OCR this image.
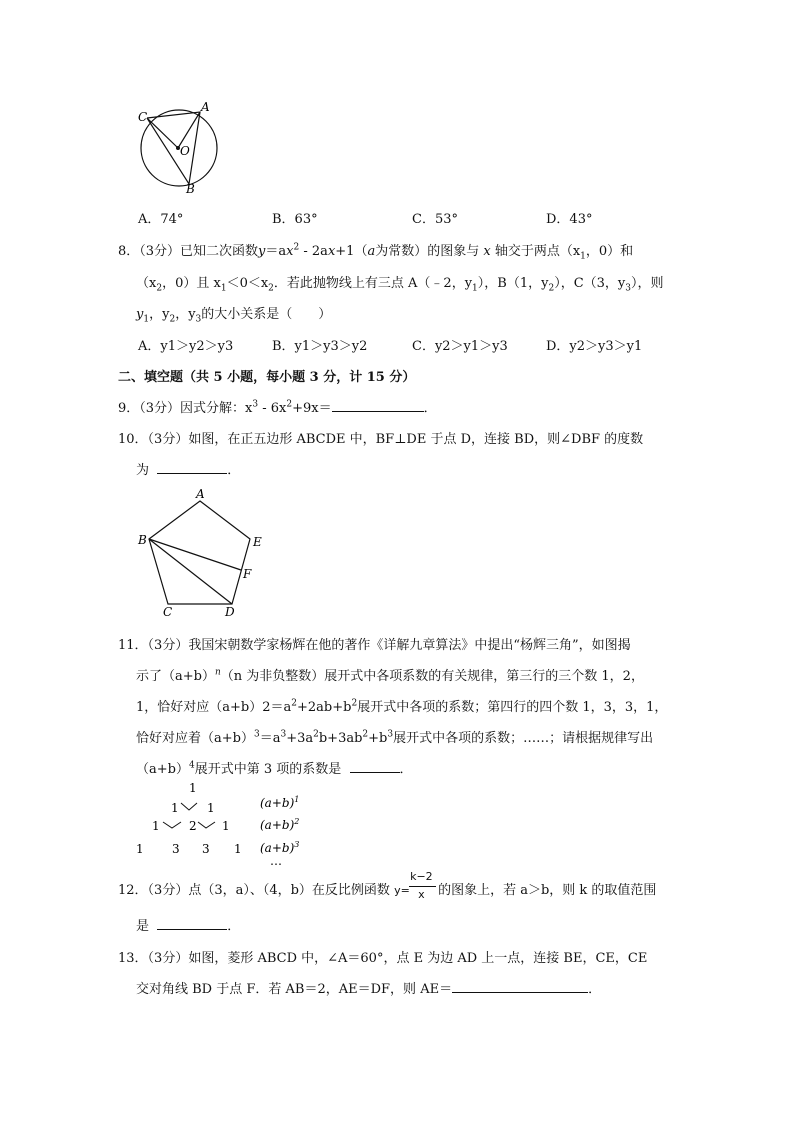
C
A
O
B
A．74°	B．63°	C．53°	D．43°
8．（3分）已知二次函数$y=ax^2 - 2ax+1(a$为常数）的图象与 x 轴交于两点（$x_1$，0）和
（$x_2$，0）且 $x_1<0<x_2$．若此抛物线上有三点 A（﹣2，$y_1$），B（1，$y_2$），C（3，$y_3$），则
$y_1$，$y_2$，$y_3$的大小关系是（　　）
A．y1＞y2＞y3	B．y1＞y3＞y2	C．y2＞y1＞y3	D．y2＞y3＞y1
二、填空题（共 5 小题，每小题 3 分，计 15 分）
9．（3分）因式分解：$x^3 - 6x^2+9x=$	．
10．（3分）如图，在正五边形 ABCDE 中，BF⊥DE 于点 D，连接 BD，则∠DBF 的度数
为	．
A
B	E
F
C	D
11．（3分）我国宋朝数学家杨辉在他的著作《详解九章算法》中提出“杨辉三角”，如图揭
示了$(a+b)^n(n$ 为非负整数）展开式中各项系数的有关规律，第三行的三个数 1，2，
1，恰好对应$(a+b)2=a^2+2ab+b^2$展开式中各项的系数；第四行的四个数 1，3，3，1，
恰好对应着$(a+b)^3=a^3+3a^2b+3ab^2+b^3$展开式中各项的系数；……；请根据规律写出
$(a+b)^4$展开式中第 3 项的系数是	．
1
1 1
1 2 1
1 3 3 1
$(a+b)^1$
$(a+b)^2$
$(a+b)^3$
…
12．（3分）点（3，a）、（4，b）在反比例函数 y=
k−2
x 的图象上，若 a＞b，则 k 的取值范围
是	．
13．（3分）如图，菱形 ABCD 中，∠A＝60°，点 E 为边 AD 上一点，连接 BE，CE，CE
交对角线 BD 于点 F．若 AB＝2，AE＝DF，则 AE＝	．
